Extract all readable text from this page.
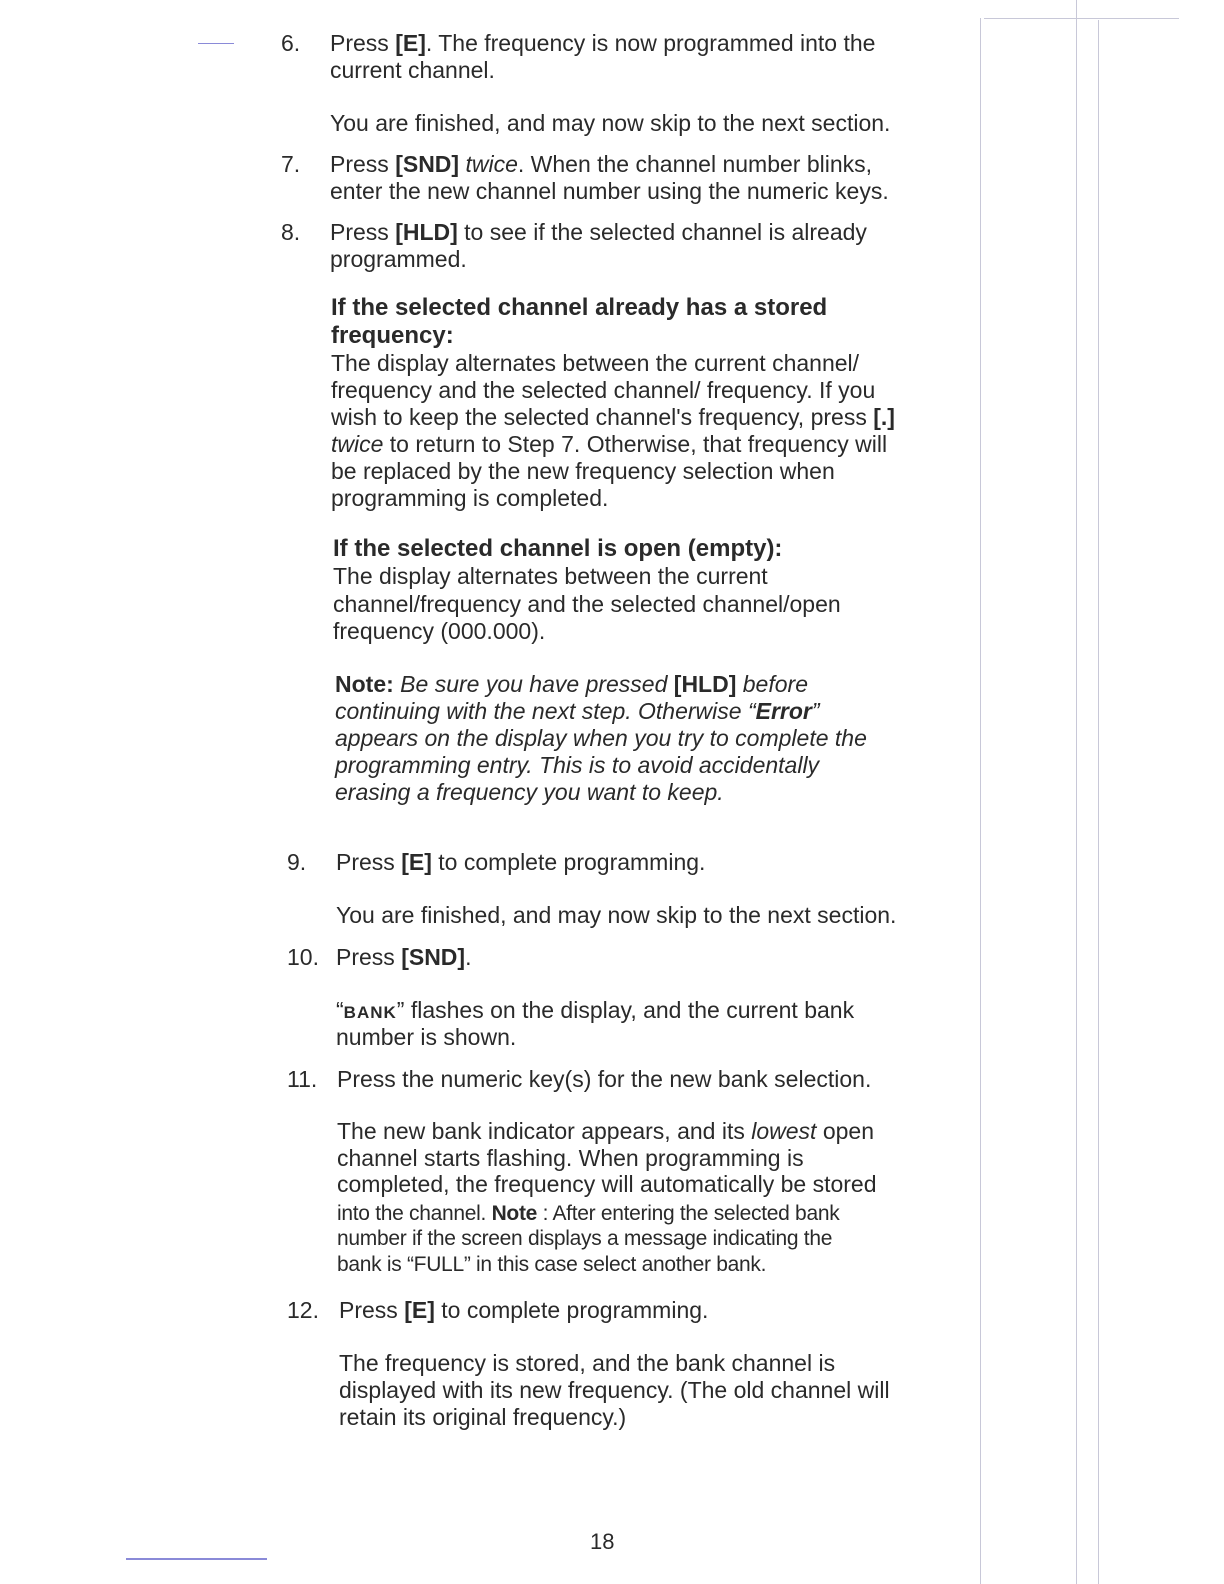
6. Press [E]. The frequency is now programmed into the
current channel.
You are finished, and may now skip to the next section.
7. Press [SND] twice. When the channel number blinks,
enter the new channel number using the numeric keys.
8. Press [HLD] to see if the selected channel is already
programmed.
If the selected channel already has a stored
frequency:
The display alternates between the current channel/
frequency and the selected channel/ frequency. If you
wish to keep the selected channel's frequency, press [.]
twice to return to Step 7. Otherwise, that frequency will
be replaced by the new frequency selection when
programming is completed.
If the selected channel is open (empty):
The display alternates between the current
channel/frequency and the selected channel/open
frequency (000.000).
Note: Be sure you have pressed [HLD] before
continuing with the next step. Otherwise “Error”
appears on the display when you try to complete the
programming entry. This is to avoid accidentally
erasing a frequency you want to keep.
9. Press [E] to complete programming.
You are finished, and may now skip to the next section.
10. Press [SND].
“BANK” flashes on the display, and the current bank
number is shown.
11. Press the numeric key(s) for the new bank selection.
The new bank indicator appears, and its lowest open
channel starts flashing. When programming is
completed, the frequency will automatically be stored
into the channel. Note : After entering the selected bank
number if the screen displays a message indicating the
bank is “FULL” in this case select another bank.
12. Press [E] to complete programming.
The frequency is stored, and the bank channel is
displayed with its new frequency. (The old channel will
retain its original frequency.)
18
